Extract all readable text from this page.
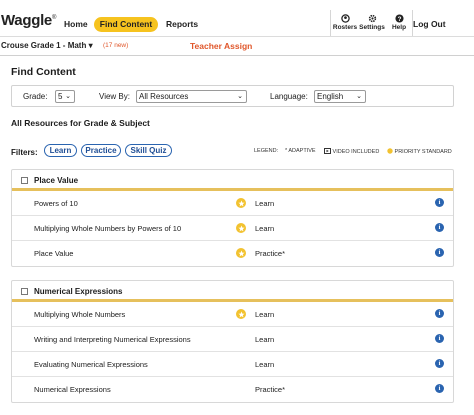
Waggle®
Home	Find Content	Reports	Rosters Settings
?
Help Log Out
Crouse Grade 1 - Math ▾ (17 new)	Teacher Assign
Find Content
Grade:	5 ⌄	View By:	All Resources	⌄	Language:	English ⌄
All Resources for Grade & Subject
Filters:	Learn	Practice	Skill Quiz	LEGEND: * ADAPTIVE	VIDEO INCLUDED	PRIORITY STANDARD
Place Value
Powers of 10	Learn	i
Multiplying Whole Numbers by Powers of 10	Learn	i
Place Value	Practice*	i
Numerical Expressions
Multiplying Whole Numbers	Learn	i
Writing and Interpreting Numerical Expressions	Learn	i
Evaluating Numerical Expressions	Learn	i
Numerical Expressions	Practice*	i
